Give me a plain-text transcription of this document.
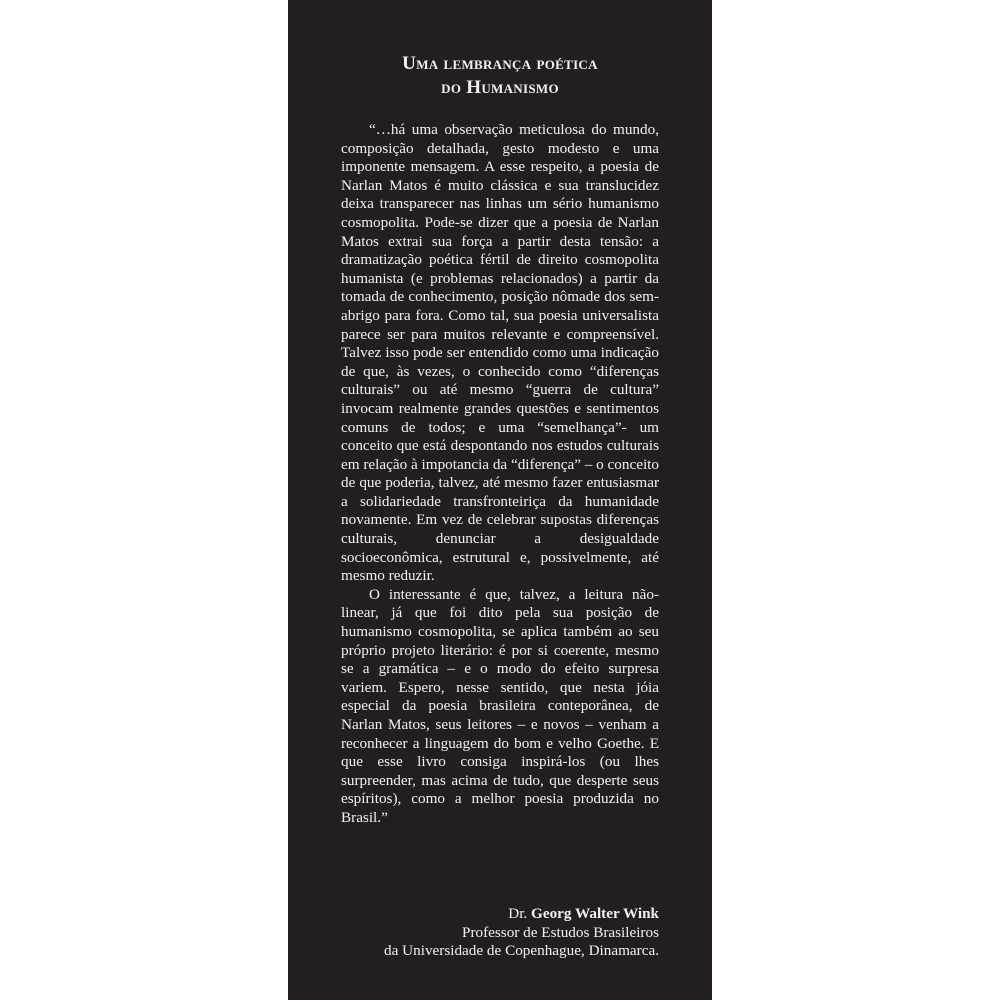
Uma lembrança poética
do Humanismo

“…há uma observação meticulosa do mundo, composição detalhada, gesto modesto e uma imponente mensagem. A esse respeito, a poesia de Narlan Matos é muito clássica e sua translucidez deixa transparecer nas linhas um sério humanismo cosmopolita. Pode-se dizer que a poesia de Narlan Matos extrai sua força a partir desta tensão: a dramatização poética fértil de direito cosmopolita humanista (e problemas relacionados) a partir da tomada de conhecimento, posição nômade dos sem-abrigo para fora. Como tal, sua poesia universalista parece ser para muitos relevante e compreensível. Talvez isso pode ser entendido como uma indicação de que, às vezes, o conhecido como “diferenças culturais” ou até mesmo “guerra de cultura” invocam realmente grandes questões e sentimentos comuns de todos; e uma “semelhança”- um conceito que está despontando nos estudos culturais em relação à impotancia da “diferença” – o conceito de que poderia, talvez, até mesmo fazer entusiasmar a solidariedade transfronteiriça da humanidade novamente. Em vez de celebrar supostas diferenças culturais, denunciar a desigualdade socioeconômica, estrutural e, possivelmente, até mesmo reduzir.

O interessante é que, talvez, a leitura não-linear, já que foi dito pela sua posição de humanismo cosmopolita, se aplica também ao seu próprio projeto literário: é por si coerente, mesmo se a gramática – e o modo do efeito surpresa variem. Espero, nesse sentido, que nesta jóia especial da poesia brasileira conteporânea, de Narlan Matos, seus leitores – e novos – venham a reconhecer a linguagem do bom e velho Goethe. E que esse livro consiga inspirá-los (ou lhes surpreender, mas acima de tudo, que desperte seus espíritos), como a melhor poesia produzida no Brasil.”

Dr. Georg Walter Wink
Professor de Estudos Brasileiros
da Universidade de Copenhague, Dinamarca.
